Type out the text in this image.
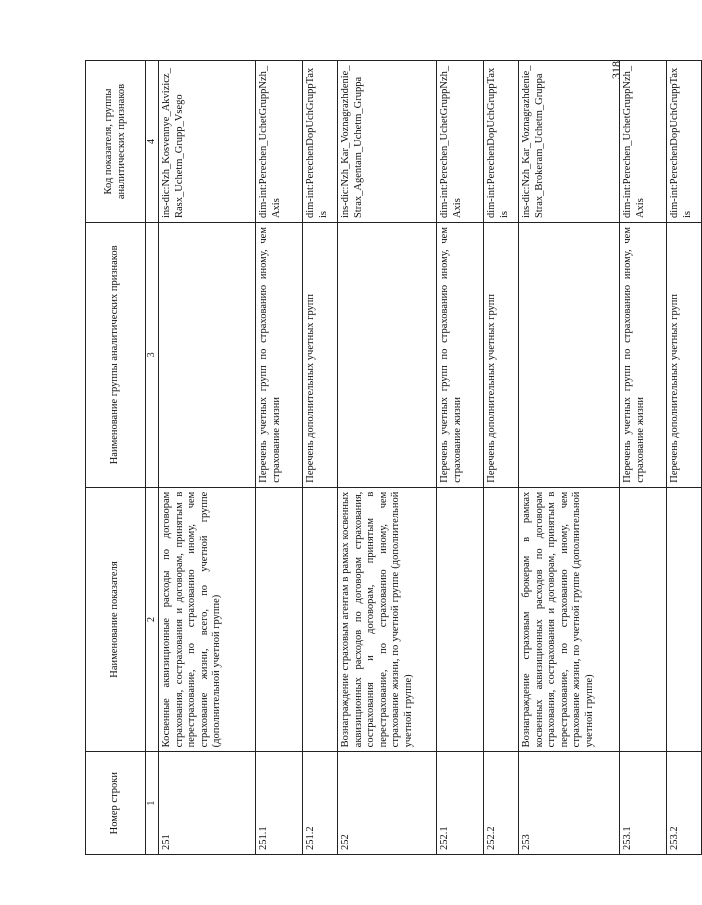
318
Номер строки	Наименование показателя	Наименование группы аналитических признаков	Код показателя, группы аналитических признаков
1	2	3	4
251	Косвенные аквизиционные расходы по договорам страхования, сострахования и договорам, принятым в перестрахование, по страхованию иному, чем страхование жизни, всего, по учетной группе (дополнительной учетной группе)		ins-dic:Nzh_Kosvennye_Akvizicz_Rasx_Uchetm_Grupp_Vsego
251.1		Перечень учетных групп по страхованию иному, чем страхование жизни	dim-int:Perechen_UchetGruppNzh_Axis
251.2		Перечень дополнительных учетных групп	dim-int:PerechenDopUchGruppTaxis
252	Вознаграждение страховым агентам в рамках косвенных аквизиционных расходов по договорам страхования, сострахования и договорам, принятым в перестрахование, по страхованию иному, чем страхование жизни, по учетной группе (дополнительной учетной группе)		ins-dic:Nzh_Kar_Voznagrazhdenie_Strax_Agentam_Uchetm_Gruppa
252.1		Перечень учетных групп по страхованию иному, чем страхование жизни	dim-int:Perechen_UchetGruppNzh_Axis
252.2		Перечень дополнительных учетных групп	dim-int:PerechenDopUchGruppTaxis
253	Вознаграждение страховым брокерам в рамках косвенных аквизиционных расходов по договорам страхования, сострахования и договорам, принятым в перестрахование, по страхованию иному, чем страхование жизни, по учетной группе (дополнительной учетной группе)		ins-dic:Nzh_Kar_Voznagrazhdenie_Strax_Brokeram_Uchetm_Gruppa
253.1		Перечень учетных групп по страхованию иному, чем страхование жизни	dim-int:Perechen_UchetGruppNzh_Axis
253.2		Перечень дополнительных учетных групп	dim-int:PerechenDopUchGruppTaxis
